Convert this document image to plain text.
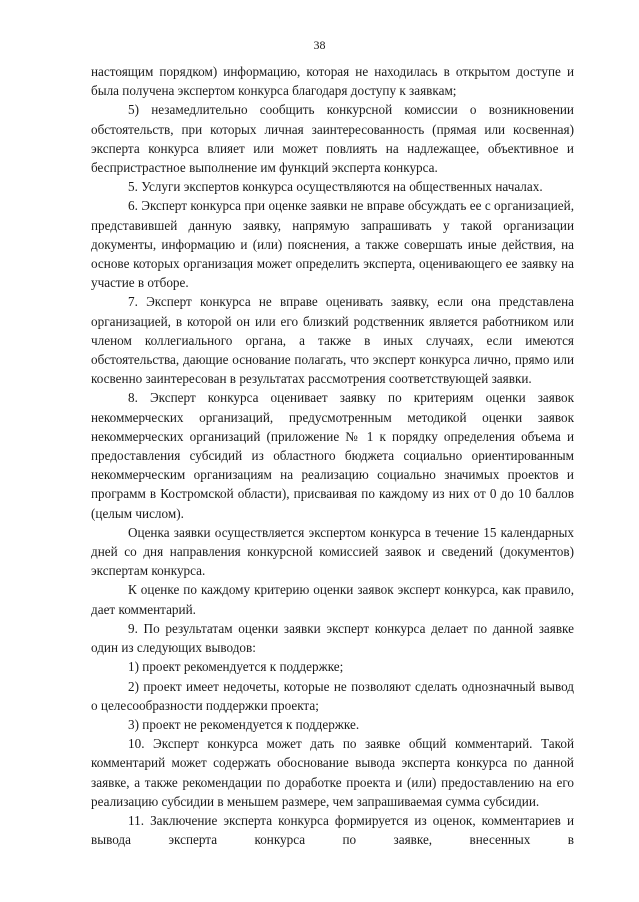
38

настоящим порядком) информацию, которая не находилась в открытом доступе и была получена экспертом конкурса благодаря доступу к заявкам;

5) незамедлительно сообщить конкурсной комиссии о возникновении обстоятельств, при которых личная заинтересованность (прямая или косвенная) эксперта конкурса влияет или может повлиять на надлежащее, объективное и беспристрастное выполнение им функций эксперта конкурса.

5. Услуги экспертов конкурса осуществляются на общественных началах.

6. Эксперт конкурса при оценке заявки не вправе обсуждать ее с организацией, представившей данную заявку, напрямую запрашивать у такой организации документы, информацию и (или) пояснения, а также совершать иные действия, на основе которых организация может определить эксперта, оценивающего ее заявку на участие в отборе.

7. Эксперт конкурса не вправе оценивать заявку, если она представлена организацией, в которой он или его близкий родственник является работником или членом коллегиального органа, а также в иных случаях, если имеются обстоятельства, дающие основание полагать, что эксперт конкурса лично, прямо или косвенно заинтересован в результатах рассмотрения соответствующей заявки.

8. Эксперт конкурса оценивает заявку по критериям оценки заявок некоммерческих организаций, предусмотренным методикой оценки заявок некоммерческих организаций (приложение № 1 к порядку определения объема и предоставления субсидий из областного бюджета социально ориентированным некоммерческим организациям на реализацию социально значимых проектов и программ в Костромской области), присваивая по каждому из них от 0 до 10 баллов (целым числом).

Оценка заявки осуществляется экспертом конкурса в течение 15 календарных дней со дня направления конкурсной комиссией заявок и сведений (документов) экспертам конкурса.

К оценке по каждому критерию оценки заявок эксперт конкурса, как правило, дает комментарий.

9. По результатам оценки заявки эксперт конкурса делает по данной заявке один из следующих выводов:

1) проект рекомендуется к поддержке;

2) проект имеет недочеты, которые не позволяют сделать однозначный вывод о целесообразности поддержки проекта;

3) проект не рекомендуется к поддержке.

10. Эксперт конкурса может дать по заявке общий комментарий. Такой комментарий может содержать обоснование вывода эксперта конкурса по данной заявке, а также рекомендации по доработке проекта и (или) предоставлению на его реализацию субсидии в меньшем размере, чем запрашиваемая сумма субсидии.

11. Заключение эксперта конкурса формируется из оценок, комментариев и вывода эксперта конкурса по заявке, внесенных в
